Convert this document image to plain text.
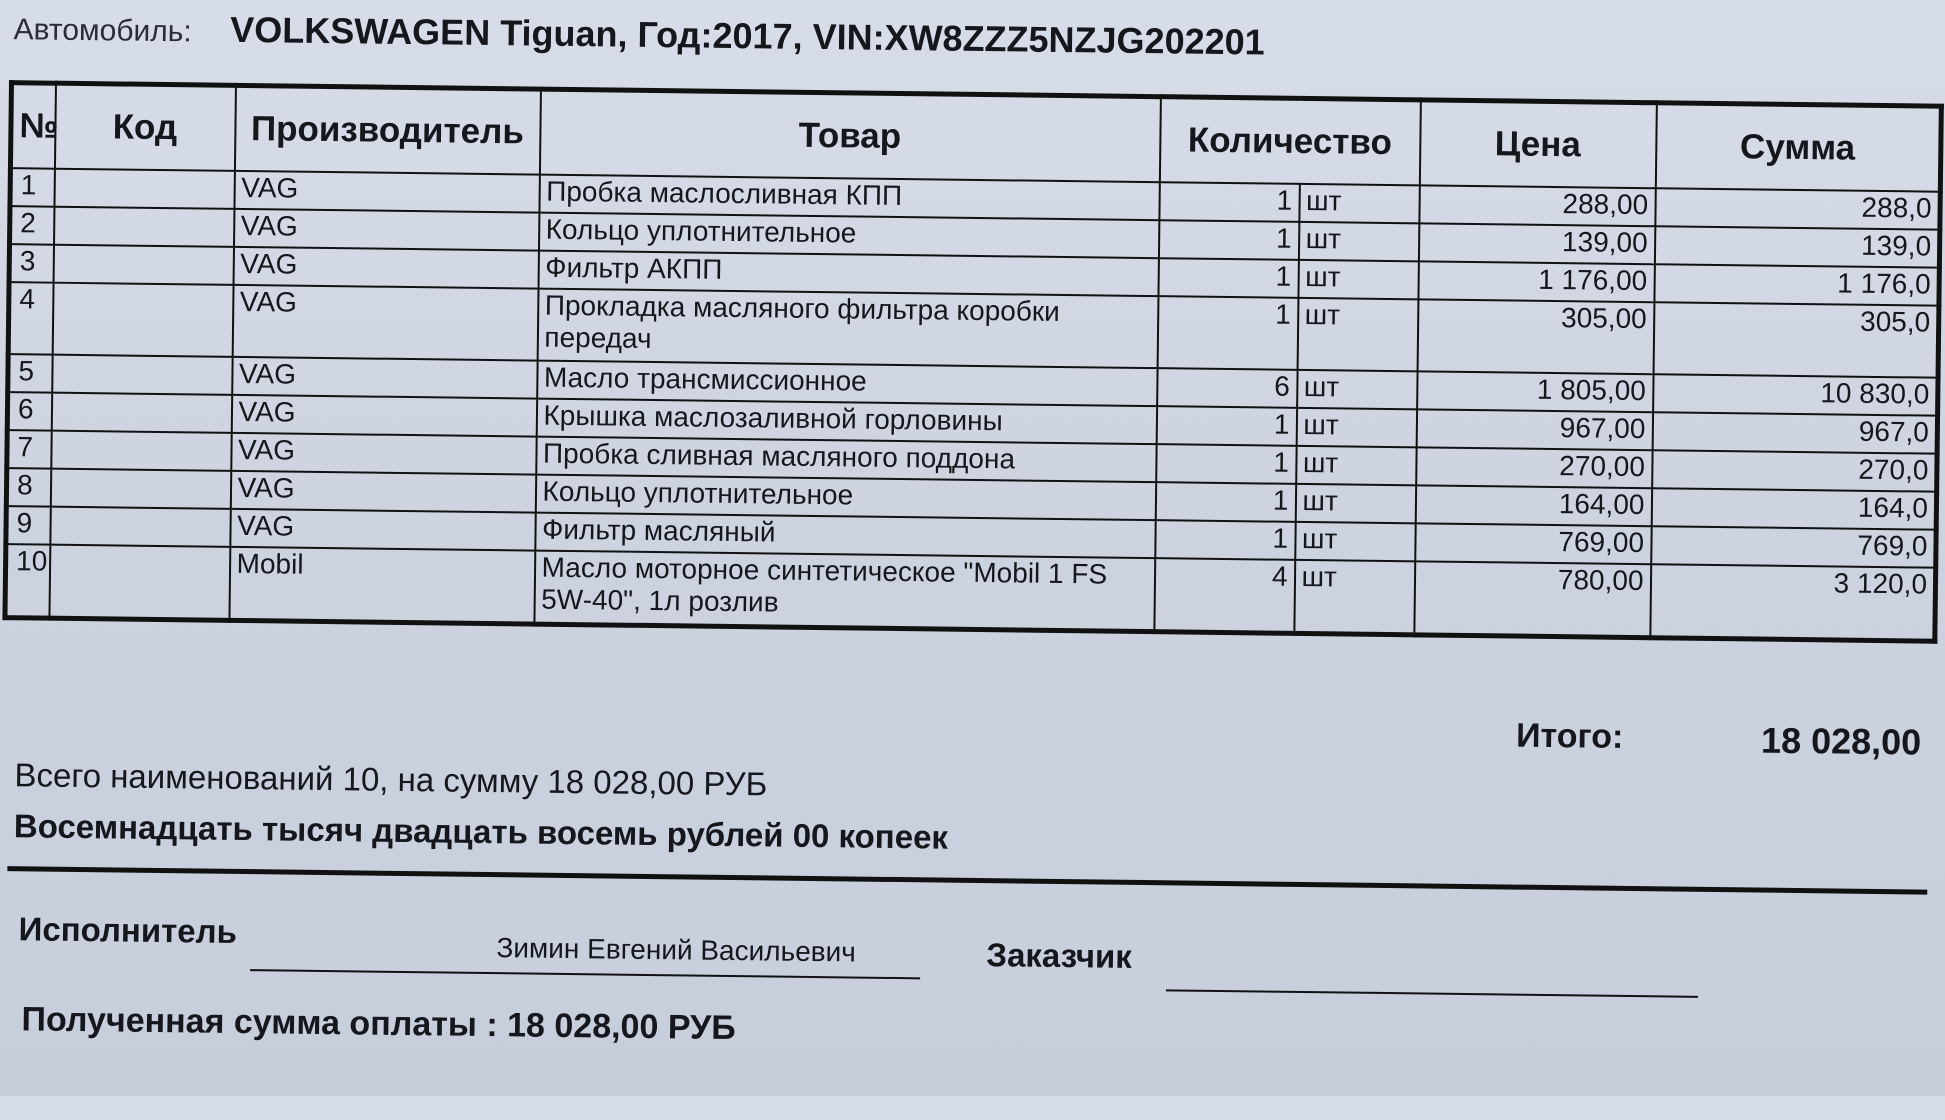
Автомобиль: VOLKSWAGEN Tiguan, Год:2017, VIN:XW8ZZZ5NZJG202201
№	Код	Производитель	Товар	Количество		Цена	Сумма
1		VAG	Пробка маслосливная КПП	1	шт	288,00	288,0
2		VAG	Кольцо уплотнительное	1	шт	139,00	139,0
3		VAG	Фильтр АКПП	1	шт	1 176,00	1 176,0
4		VAG	Прокладка масляного фильтра коробки передач	1	шт	305,00	305,0
5		VAG	Масло трансмиссионное	6	шт	1 805,00	10 830,0
6		VAG	Крышка маслозаливной горловины	1	шт	967,00	967,0
7		VAG	Пробка сливная масляного поддона	1	шт	270,00	270,0
8		VAG	Кольцо уплотнительное	1	шт	164,00	164,0
9		VAG	Фильтр масляный	1	шт	769,00	769,0
10		Mobil	Масло моторное синтетическое "Mobil 1 FS 5W-40", 1л розлив	4	шт	780,00	3 120,0
Итого:	18 028,00
Всего наименований 10, на сумму 18 028,00 РУБ
Восемнадцать тысяч двадцать восемь рублей 00 копеек
Исполнитель	Зимин Евгений Васильевич	Заказчик
Полученная сумма оплаты : 18 028,00 РУБ
